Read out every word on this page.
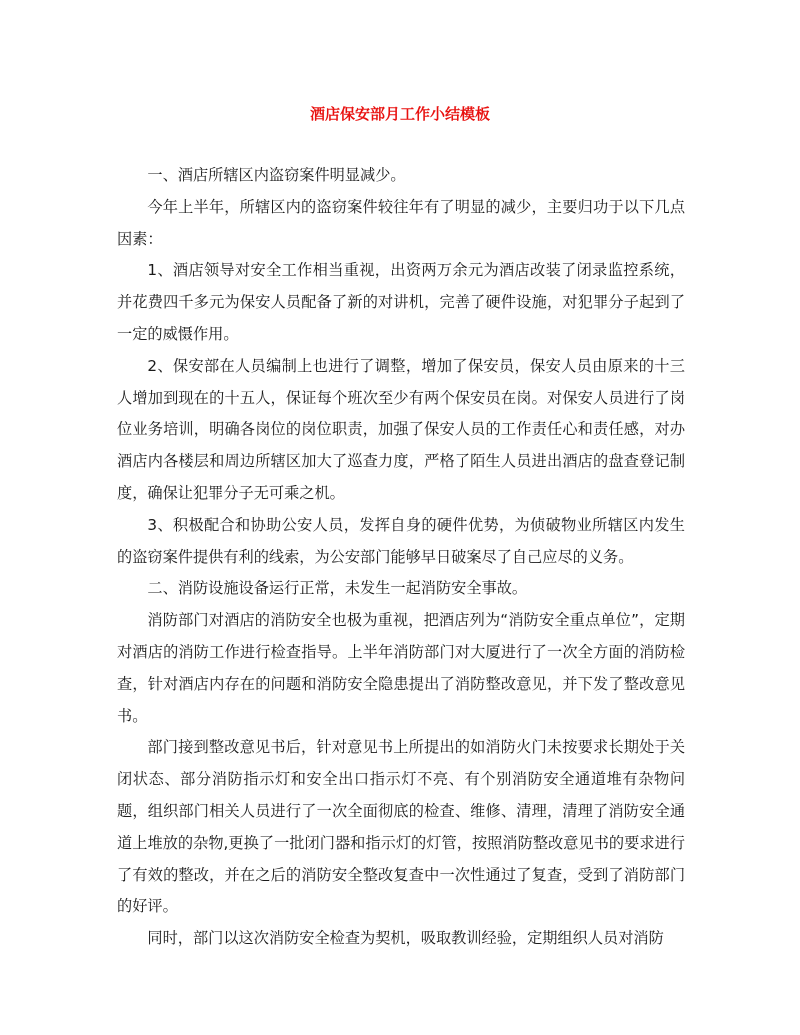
酒店保安部月工作小结模板

一、酒店所辖区内盗窃案件明显减少。

今年上半年，所辖区内的盗窃案件较往年有了明显的减少，主要归功于以下几点因素：

1、酒店领导对安全工作相当重视，出资两万余元为酒店改装了闭录监控系统，并花费四千多元为保安人员配备了新的对讲机，完善了硬件设施，对犯罪分子起到了一定的威慑作用。

2、保安部在人员编制上也进行了调整，增加了保安员，保安人员由原来的十三人增加到现在的十五人，保证每个班次至少有两个保安员在岗。对保安人员进行了岗位业务培训，明确各岗位的岗位职责，加强了保安人员的工作责任心和责任感，对办酒店内各楼层和周边所辖区加大了巡查力度，严格了陌生人员进出酒店的盘查登记制度，确保让犯罪分子无可乘之机。

3、积极配合和协助公安人员，发挥自身的硬件优势，为侦破物业所辖区内发生的盗窃案件提供有利的线索，为公安部门能够早日破案尽了自己应尽的义务。

二、消防设施设备运行正常，未发生一起消防安全事故。

消防部门对酒店的消防安全也极为重视，把酒店列为“消防安全重点单位”，定期对酒店的消防工作进行检查指导。上半年消防部门对大厦进行了一次全方面的消防检查，针对酒店内存在的问题和消防安全隐患提出了消防整改意见，并下发了整改意见书。

部门接到整改意见书后，针对意见书上所提出的如消防火门未按要求长期处于关闭状态、部分消防指示灯和安全出口指示灯不亮、有个别消防安全通道堆有杂物问题，组织部门相关人员进行了一次全面彻底的检查、维修、清理，清理了消防安全通道上堆放的杂物,更换了一批闭门器和指示灯的灯管，按照消防整改意见书的要求进行了有效的整改，并在之后的消防安全整改复查中一次性通过了复查，受到了消防部门的好评。

同时，部门以这次消防安全检查为契机，吸取教训经验，定期组织人员对消防
